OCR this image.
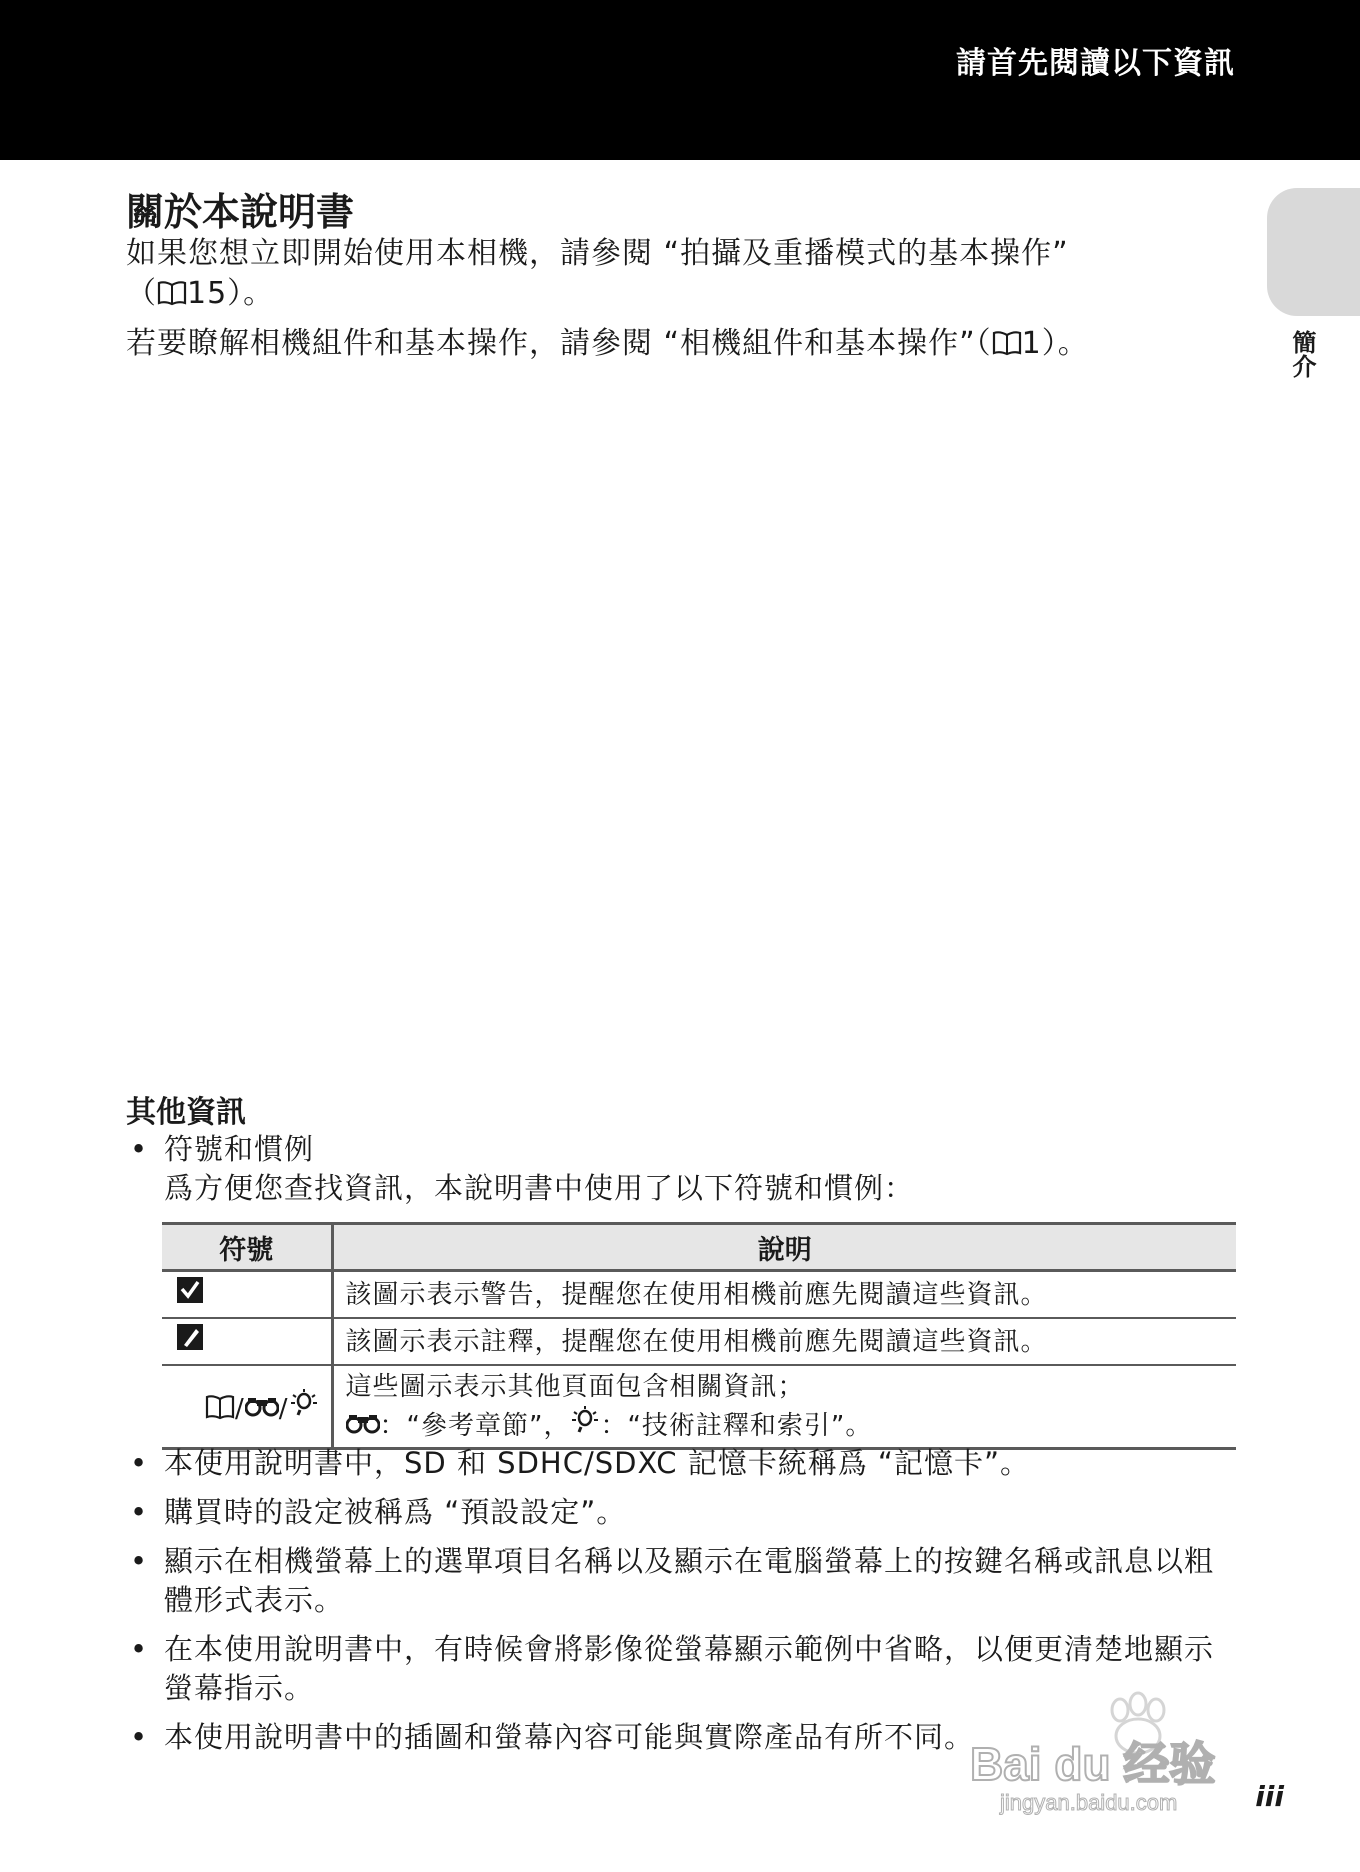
請首先閱讀以下資訊
簡介
關於本說明書

如果您想立即開始使用本相機，請參閱 “拍攝及重播模式的基本操作”
（ 15）。

若要瞭解相機組件和基本操作，請參閱 “相機組件和基本操作”（ 1）。

其他資訊
• 符號和慣例
爲方便您查找資訊，本說明書中使用了以下符號和慣例：
符號	說明
	該圖示表示警告，提醒您在使用相機前應先閱讀這些資訊。
	該圖示表示註釋，提醒您在使用相機前應先閱讀這些資訊。
/ /	這些圖示表示其他頁面包含相關資訊；
：“參考章節”， ：“技術註釋和索引”。
• 本使用說明書中，SD 和 SDHC/SDXC 記憶卡統稱爲 “記憶卡”。
• 購買時的設定被稱爲 “預設設定”。
• 顯示在相機螢幕上的選單項目名稱以及顯示在電腦螢幕上的按鍵名稱或訊息以粗體形式表示。
• 在本使用說明書中，有時候會將影像從螢幕顯示範例中省略，以便更清楚地顯示螢幕指示。
• 本使用說明書中的插圖和螢幕內容可能與實際產品有所不同。
Bai du 经验
jingyan.baidu.com	iii
